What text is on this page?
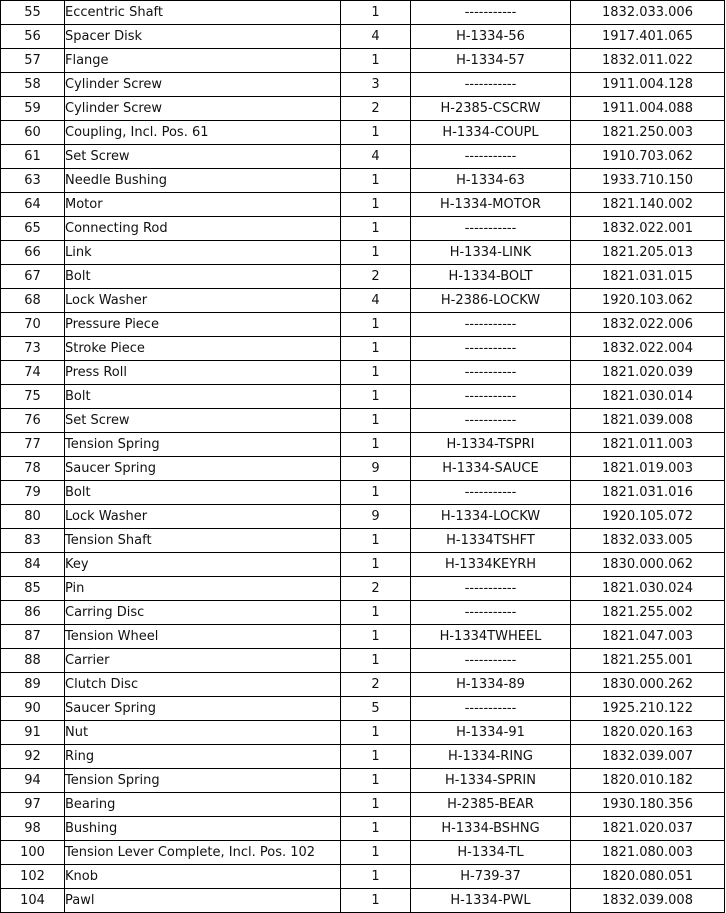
55	Eccentric Shaft	1	-----------	1832.033.006
56	Spacer Disk	4	H-1334-56	1917.401.065
57	Flange	1	H-1334-57	1832.011.022
58	Cylinder Screw	3	-----------	1911.004.128
59	Cylinder Screw	2	H-2385-CSCRW	1911.004.088
60	Coupling, Incl. Pos. 61	1	H-1334-COUPL	1821.250.003
61	Set Screw	4	-----------	1910.703.062
63	Needle Bushing	1	H-1334-63	1933.710.150
64	Motor	1	H-1334-MOTOR	1821.140.002
65	Connecting Rod	1	-----------	1832.022.001
66	Link	1	H-1334-LINK	1821.205.013
67	Bolt	2	H-1334-BOLT	1821.031.015
68	Lock Washer	4	H-2386-LOCKW	1920.103.062
70	Pressure Piece	1	-----------	1832.022.006
73	Stroke Piece	1	-----------	1832.022.004
74	Press Roll	1	-----------	1821.020.039
75	Bolt	1	-----------	1821.030.014
76	Set Screw	1	-----------	1821.039.008
77	Tension Spring	1	H-1334-TSPRI	1821.011.003
78	Saucer Spring	9	H-1334-SAUCE	1821.019.003
79	Bolt	1	-----------	1821.031.016
80	Lock Washer	9	H-1334-LOCKW	1920.105.072
83	Tension Shaft	1	H-1334TSHFT	1832.033.005
84	Key	1	H-1334KEYRH	1830.000.062
85	Pin	2	-----------	1821.030.024
86	Carring Disc	1	-----------	1821.255.002
87	Tension Wheel	1	H-1334TWHEEL	1821.047.003
88	Carrier	1	-----------	1821.255.001
89	Clutch Disc	2	H-1334-89	1830.000.262
90	Saucer Spring	5	-----------	1925.210.122
91	Nut	1	H-1334-91	1820.020.163
92	Ring	1	H-1334-RING	1832.039.007
94	Tension Spring	1	H-1334-SPRIN	1820.010.182
97	Bearing	1	H-2385-BEAR	1930.180.356
98	Bushing	1	H-1334-BSHNG	1821.020.037
100	Tension Lever Complete, Incl. Pos. 102	1	H-1334-TL	1821.080.003
102	Knob	1	H-739-37	1820.080.051
104	Pawl	1	H-1334-PWL	1832.039.008
